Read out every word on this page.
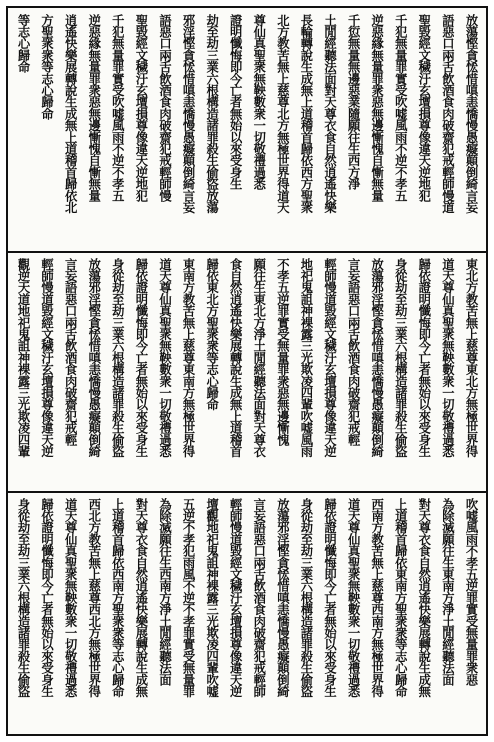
放蕩慳貪恡惜嗔恚憍慢愚癡顛倒綺言妄
語惡口兩舌飲酒食肉破齋犯戒輕師慢道
聖毀經文穢汙玄壇損尊像違天逆地犯
千犯無量罪實受吹嘘風雨不逆不孝五
逆惡緣無量罪衆惡無邊慚愧自慚無量
千愆無量無邊惡業隨願往生西方淨
土閒經聽法面對天尊衣食自然逍遙快樂
長輪轉說生成無上道稽首歸依西方聖衆
北方教苦無上慈尊北方無極世界得道天
尊仙真聖衆無鞅數衆一切敬禮過悉
證明懺悔即今亡者無始以來受身生
劫至劫三業六根構造諸罪殺生偷盜放蕩
邪淫慳貪恡惜嗔恚憍慢愚癡顛倒綺言妄
語惡口兩舌飲酒食肉破齋犯戒輕師慢
聖毀經文穢汙玄壇損尊像違天逆地犯
千犯無量罪實受吹嘘風雨不逆不孝五
逆惡緣無量罪衆惡無邊慚愧自慚無量
逍遙快樂展轉說生成無上道稽首歸依北
方聖衆衆等志心歸命
等志心歸命
東北方教苦無上慈尊東北方無極世界得
道天尊仙真聖衆無鞅數衆一切敬禮過悉
歸依證明懺悔即今亡者無始以來受身生
身從劫至劫三業六根構造諸罪殺生偷盜
放蕩邪淫慳貪恡惜嗔恚憍慢愚癡顛倒綺
言妄語惡口兩舌飲酒食肉破齋犯戒輕
輕師慢道毀經文穢汙玄壇損尊像違天逆
地祀鬼詛神裸露三光欺凌四輩吹嘘風雨
不孝五逆罪實受無量罪衆惡無邊慚愧
願往生東北方淨土閒經聽法面對天尊衣
食自然逍遙快樂展轉說生成無上道稽首
歸依東北方聖衆衆等志心歸命
東南方教苦無上慈尊東南方無極世界得
道天尊仙真聖衆無鞅數衆一切敬禮過悉
歸依證明懺悔即今亡者無始以來受身生
身從劫至劫三業六根構造諸罪殺生偷盜
放蕩邪淫慳貪恡惜嗔恚憍慢愚癡顛倒綺
言妄語惡口兩舌飲酒食肉破齋犯戒輕
輕師慢道毀經文穢汙玄壇損尊像違天逆
觀逆天道地祀鬼詛神裸露三光欺凌四輩
吹嘘風雨不孝五逆罪實受無量罪衆惡
為除滅願往生東南方淨土閒經聽法面
對天尊衣食自然逍遙快樂展轉說生成無
上道稽首歸依東南方聖衆衆等志心歸命
西南方教苦無上慈尊西南方無極世界得
道天尊仙真聖衆無鞅數衆一切敬禮過悉
歸依證明懺悔即今亡者無始以來受身生
身從劫至劫三業六根構造諸罪殺生偷盜
放蕩邪淫慳貪恡惜嗔恚憍慢愚癡顛倒綺
言妄語惡口兩舌飲酒食肉破齋犯戒輕師
輕師慢道毀經文穢汙玄壇損尊像違天逆
壇觀地祀鬼詛神裸露三光欺凌四輩吹嘘
五逆不孝犯雨風不逆不孝罪實受無量罪
為除滅願往生西南方淨土閒經聽法面
對天尊衣食自然逍遙快樂展轉說生成無
上道稽首歸依西南方聖衆衆等志心歸命
西北方教苦無上慈尊西北方無極世界得
道天尊仙真聖衆無鞅數衆一切敬禮過悉
歸依證明懺悔即今亡者無始以來受身生
身從劫至劫三業六根構造諸罪殺生偷盜
